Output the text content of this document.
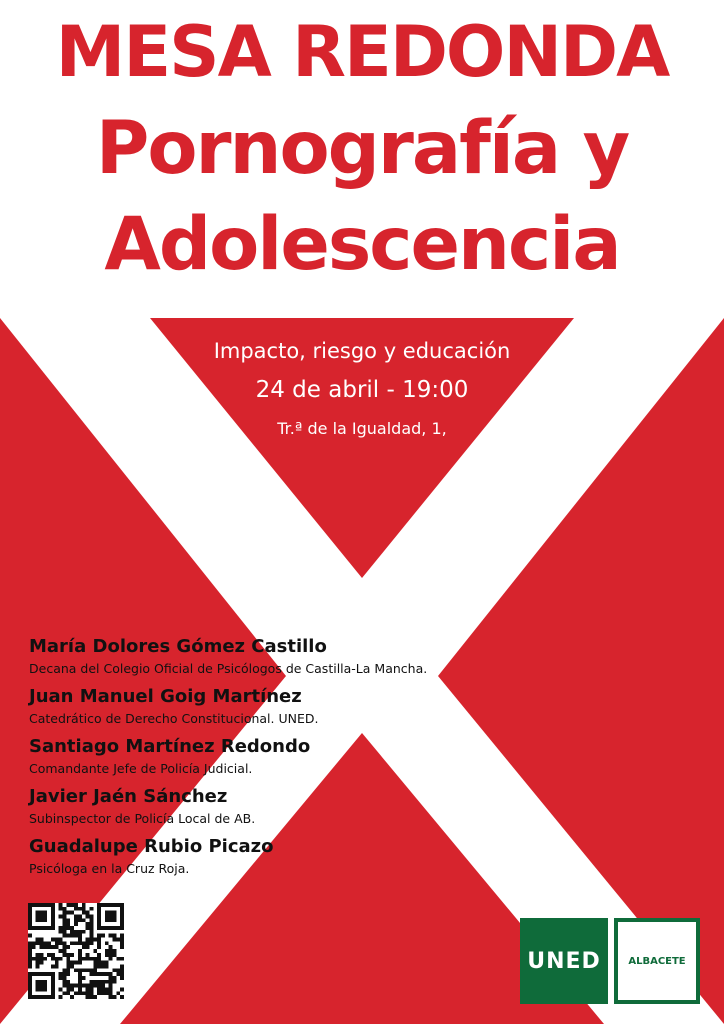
MESA REDONDA
Pornografía y
Adolescencia
Impacto, riesgo y educación
24 de abril - 19:00
Tr.ª de la Igualdad, 1,
María Dolores Gómez Castillo
Decana del Colegio Oficial de Psicólogos de Castilla-La Mancha.
Juan Manuel Goig Martínez
Catedrático de Derecho Constitucional. UNED.
Santiago Martínez Redondo
Comandante Jefe de Policía Judicial.
Javier Jaén Sánchez
Subinspector de Policía Local de AB.
Guadalupe Rubio Picazo
Psicóloga en la Cruz Roja.
UNED	ALBACETE
